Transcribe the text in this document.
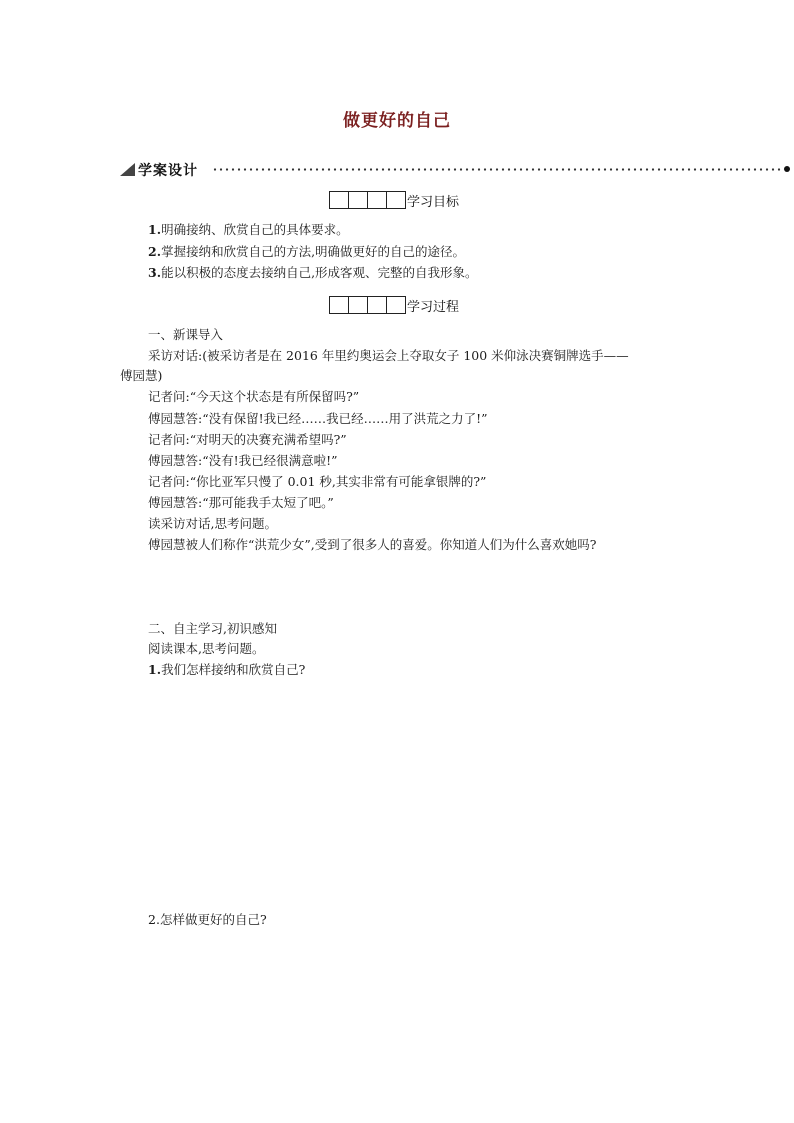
做更好的自己
学案设计
学习目标
1.明确接纳、欣赏自己的具体要求。
2.掌握接纳和欣赏自己的方法,明确做更好的自己的途径。
3.能以积极的态度去接纳自己,形成客观、完整的自我形象。
学习过程
一、新课导入
采访对话:(被采访者是在 2016 年里约奥运会上夺取女子 100 米仰泳决赛铜牌选手——
傅园慧)
记者问:“今天这个状态是有所保留吗?”
傅园慧答:“没有保留!我已经……我已经……用了洪荒之力了!”
记者问:“对明天的决赛充满希望吗?”
傅园慧答:“没有!我已经很满意啦!”
记者问:“你比亚军只慢了 0.01 秒,其实非常有可能拿银牌的?”
傅园慧答:“那可能我手太短了吧。”
读采访对话,思考问题。
傅园慧被人们称作“洪荒少女”,受到了很多人的喜爱。你知道人们为什么喜欢她吗?
二、自主学习,初识感知
阅读课本,思考问题。
1.我们怎样接纳和欣赏自己?
2.怎样做更好的自己?
